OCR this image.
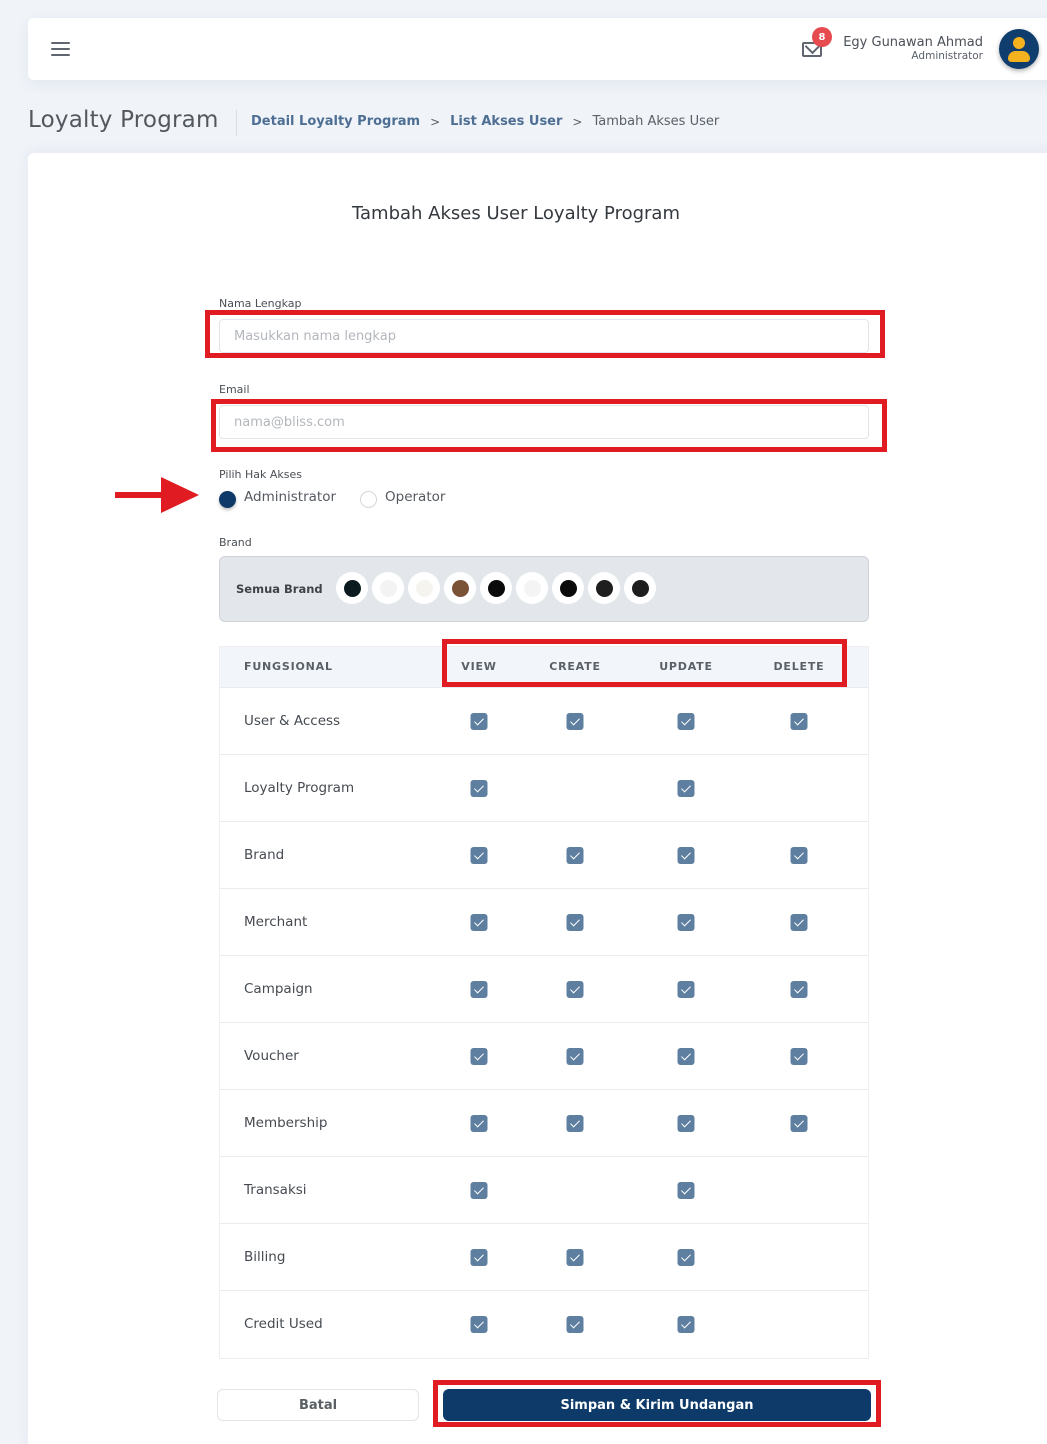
8	Egy Gunawan Ahmad
Administrator
Loyalty Program Detail Loyalty Program > List Akses User > Tambah Akses User
Tambah Akses User Loyalty Program
Nama Lengkap
Masukkan nama lengkap
Email
nama@bliss.com
Pilih Hak Akses
Administrator	Operator
Brand
Semua Brand
FUNGSIONAL	VIEW	CREATE	UPDATE	DELETE
User & Access
Loyalty Program
Brand
Merchant
Campaign
Voucher
Membership
Transaksi
Billing
Credit Used
Batal	Simpan & Kirim Undangan
